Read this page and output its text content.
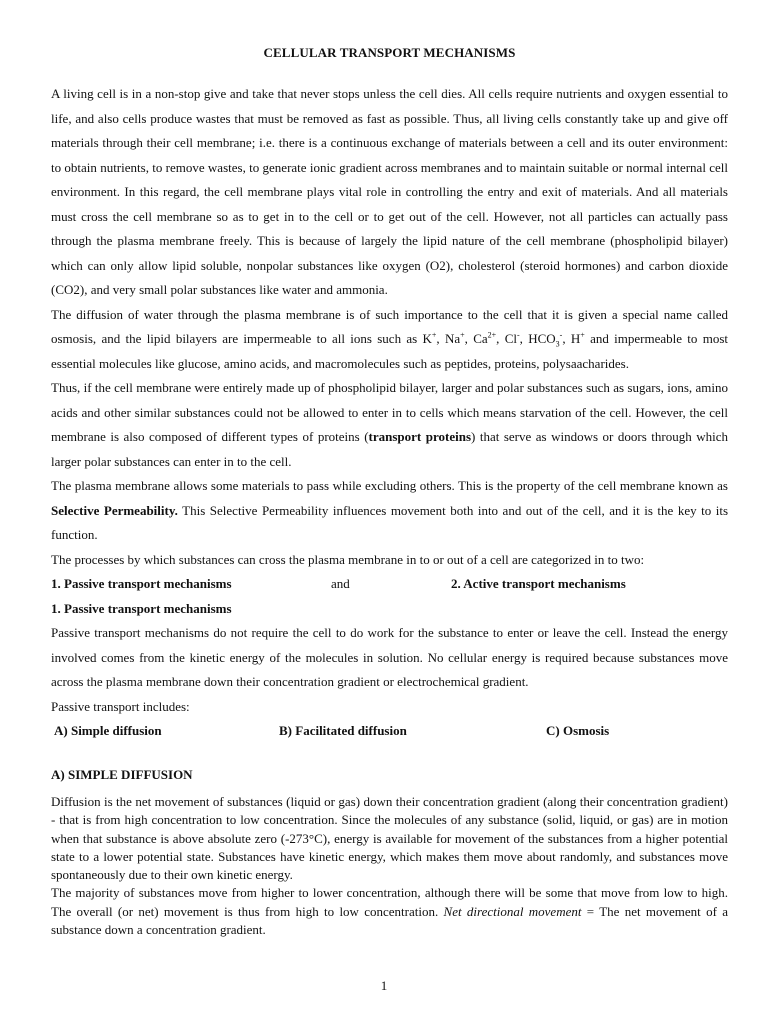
CELLULAR TRANSPORT MECHANISMS

A living cell is in a non-stop give and take that never stops unless the cell dies. All cells require nutrients and oxygen essential to life, and also cells produce wastes that must be removed as fast as possible. Thus, all living cells constantly take up and give off materials through their cell membrane; i.e. there is a continuous exchange of materials between a cell and its outer environment: to obtain nutrients, to remove wastes, to generate ionic gradient across membranes and to maintain suitable or normal internal cell environment. In this regard, the cell membrane plays vital role in controlling the entry and exit of materials. And all materials must cross the cell membrane so as to get in to the cell or to get out of the cell. However, not all particles can actually pass through the plasma membrane freely. This is because of largely the lipid nature of the cell membrane (phospholipid bilayer) which can only allow lipid soluble, nonpolar substances like oxygen (O2), cholesterol (steroid hormones) and carbon dioxide (CO2), and very small polar substances like water and ammonia.

The diffusion of water through the plasma membrane is of such importance to the cell that it is given a special name called osmosis, and the lipid bilayers are impermeable to all ions such as K+, Na+, $Ca^{2+}$, Cl-, $HCO_3^-$, H+ and impermeable to most essential molecules like glucose, amino acids, and macromolecules such as peptides, proteins, polysaacharides.

Thus, if the cell membrane were entirely made up of phospholipid bilayer, larger and polar substances such as sugars, ions, amino acids and other similar substances could not be allowed to enter in to cells which means starvation of the cell. However, the cell membrane is also composed of different types of proteins (transport proteins) that serve as windows or doors through which larger polar substances can enter in to the cell.

The plasma membrane allows some materials to pass while excluding others. This is the property of the cell membrane known as Selective Permeability. This Selective Permeability influences movement both into and out of the cell, and it is the key to its function.

The processes by which substances can cross the plasma membrane in to or out of a cell are categorized in to two:

1. Passive transport mechanisms	and	2. Active transport mechanisms

1. Passive transport mechanisms

Passive transport mechanisms do not require the cell to do work for the substance to enter or leave the cell. Instead the energy involved comes from the kinetic energy of the molecules in solution. No cellular energy is required because substances move across the plasma membrane down their concentration gradient or electrochemical gradient.

Passive transport includes:

A) Simple diffusion	B) Facilitated diffusion	C) Osmosis
A) SIMPLE DIFFUSION

Diffusion is the net movement of substances (liquid or gas) down their concentration gradient (along their concentration gradient) - that is from high concentration to low concentration. Since the molecules of any substance (solid, liquid, or gas) are in motion when that substance is above absolute zero (-273°C), energy is available for movement of the substances from a higher potential state to a lower potential state. Substances have kinetic energy, which makes them move about randomly, and substances move spontaneously due to their own kinetic energy.

The majority of substances move from higher to lower concentration, although there will be some that move from low to high. The overall (or net) movement is thus from high to low concentration. Net directional movement = The net movement of a substance down a concentration gradient.

1
